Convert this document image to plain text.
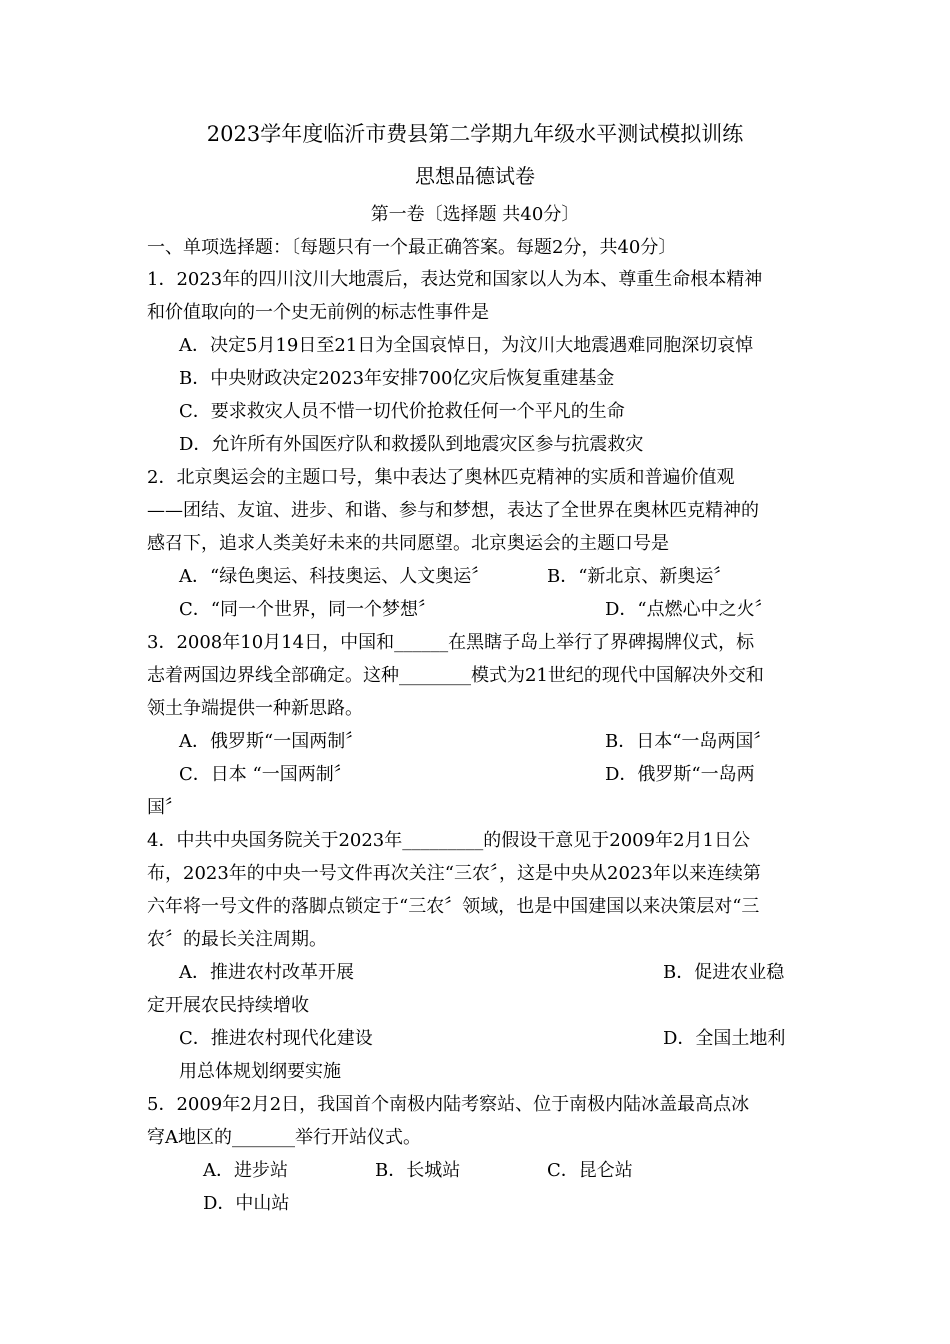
2023学年度临沂市费县第二学期九年级水平测试模拟训练
思想品德试卷
第一卷〔选择题 共40分〕
一、单项选择题：〔每题只有一个最正确答案。每题2分，共40分〕
1．2023年的四川汶川大地震后，表达党和国家以人为本、尊重生命根本精神
和价值取向的一个史无前例的标志性事件是
A．决定5月19日至21日为全国哀悼日，为汶川大地震遇难同胞深切哀悼
B．中央财政决定2023年安排700亿灾后恢复重建基金
C．要求救灾人员不惜一切代价抢救任何一个平凡的生命
D．允许所有外国医疗队和救援队到地震灾区参与抗震救灾
2．北京奥运会的主题口号，集中表达了奥林匹克精神的实质和普遍价值观
——团结、友谊、进步、和谐、参与和梦想，表达了全世界在奥林匹克精神的
感召下，追求人类美好未来的共同愿望。北京奥运会的主题口号是
A．“绿色奥运、科技奥运、人文奥运〞	B．“新北京、新奥运〞
C．“同一个世界，同一个梦想〞	D．“点燃心中之火〞
3．2008年10月14日，中国和______在黑瞎子岛上举行了界碑揭牌仪式，标
志着两国边界线全部确定。这种________模式为21世纪的现代中国解决外交和
领土争端提供一种新思路。
A．俄罗斯“一国两制〞	B．日本“一岛两国〞
C．日本 “一国两制〞	D．俄罗斯“一岛两
国〞
4．中共中央国务院关于2023年_________的假设干意见于2009年2月1日公
布，2023年的中央一号文件再次关注“三农〞，这是中央从2023年以来连续第
六年将一号文件的落脚点锁定于“三农〞领域，也是中国建国以来决策层对“三
农〞的最长关注周期。
A．推进农村改革开展	B．促进农业稳
定开展农民持续增收
C．推进农村现代化建设	D．全国土地利
用总体规划纲要实施
5．2009年2月2日，我国首个南极内陆考察站、位于南极内陆冰盖最高点冰
穹A地区的_______举行开站仪式。
A．进步站	B．长城站	C．昆仑站
D．中山站
